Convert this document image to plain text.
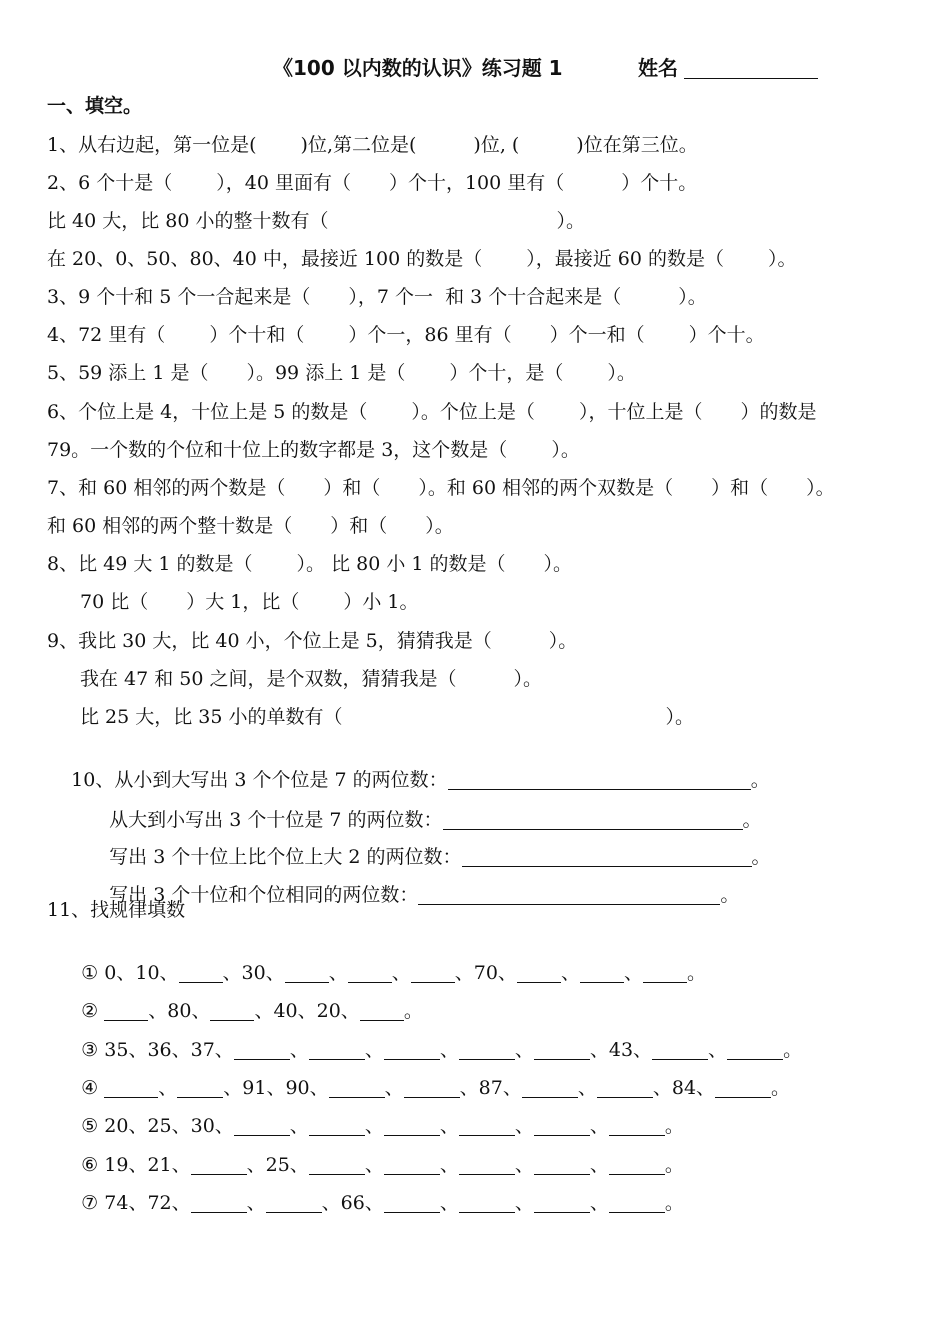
《100 以内数的认识》练习题 1	姓名
一、填空。
1、从右边起，第一位是(　　 )位,第二位是(　　　)位, (　　　)位在第三位。
2、6 个十是（　　 ），40 里面有（　　）个十，100 里有（　　　）个十。
比 40 大，比 80 小的整十数有（　　　　　　　　　　　　）。
在 20、0、50、80、40 中，最接近 100 的数是（　　 ），最接近 60 的数是（　　 ）。
3、9 个十和 5 个一合起来是（　　），7 个一  和 3 个十合起来是（　　　）。
4、72 里有（　　 ）个十和（　　 ）个一，86 里有（　　）个一和（　　 ）个十。
5、59 添上 1 是（　　）。99 添上 1 是（　　 ）个十，是（　　 ）。
6、个位上是 4，十位上是 5 的数是（　　 ）。个位上是（　　 ），十位上是（　　）的数是
79。一个数的个位和十位上的数字都是 3，这个数是（　　 ）。
7、和 60 相邻的两个数是（　　）和（　　）。和 60 相邻的两个双数是（　　）和（　　）。
和 60 相邻的两个整十数是（　　）和（　　）。
8、比 49 大 1 的数是（　　 ）。 比 80 小 1 的数是（　　）。
70 比（　　）大 1，比（　　 ）小 1。
9、我比 30 大，比 40 小，个位上是 5，猜猜我是（　　　）。
我在 47 和 50 之间，是个双数，猜猜我是（　　　）。
比 25 大，比 35 小的单数有（　　　　　　　　　　　　　　　　　）。

10、从小到大写出 3 个个位是 7 的两位数：	。

从大到小写出 3 个十位是 7 的两位数：	。

写出 3 个十位上比个位上大 2 的两位数：	。

写出 3 个十位和个位相同的两位数：	。

11、找规律填数

① 0、10、 、30、 、 、 、70、 、 、 。

②	、80、 、40、20、 。

③ 35、36、37、	、	、	、	、	、43、	、	。

④	、 、91、90、	、	、87、	、	、84、	。

⑤ 20、25、30、	、	、	、	、	、	。

⑥ 19、21、	、25、	、	、	、	、	。

⑦ 74、72、	、	、66、	、	、	、	。
